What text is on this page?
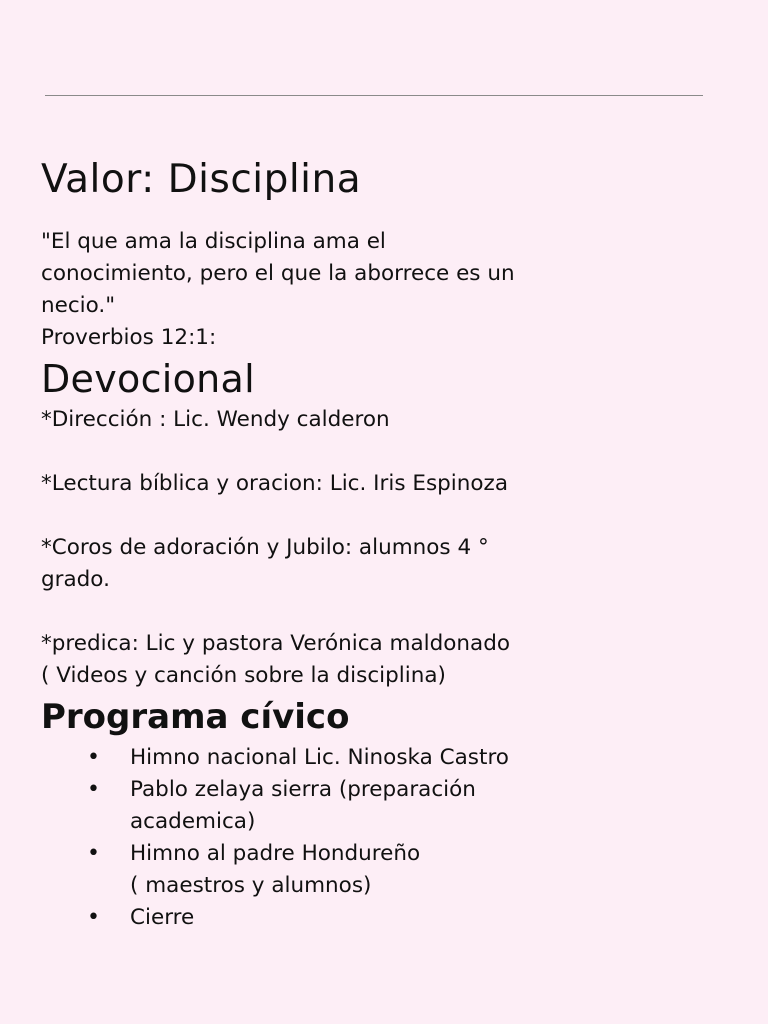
Valor: Disciplina

"El que ama la disciplina ama el

conocimiento, pero el que la aborrece es un

necio."

Proverbios 12:1:

Devocional

*Dirección : Lic. Wendy calderon

*Lectura bíblica y oracion: Lic. Iris Espinoza

*Coros de adoración y Jubilo: alumnos 4 °

grado.

*predica: Lic y pastora Verónica maldonado

( Videos y canción sobre la disciplina)

Programa cívico
• Himno nacional Lic. Ninoska Castro
• Pablo zelaya sierra (preparación
academica)
• Himno al padre Hondureño
( maestros y alumnos)
• Cierre
